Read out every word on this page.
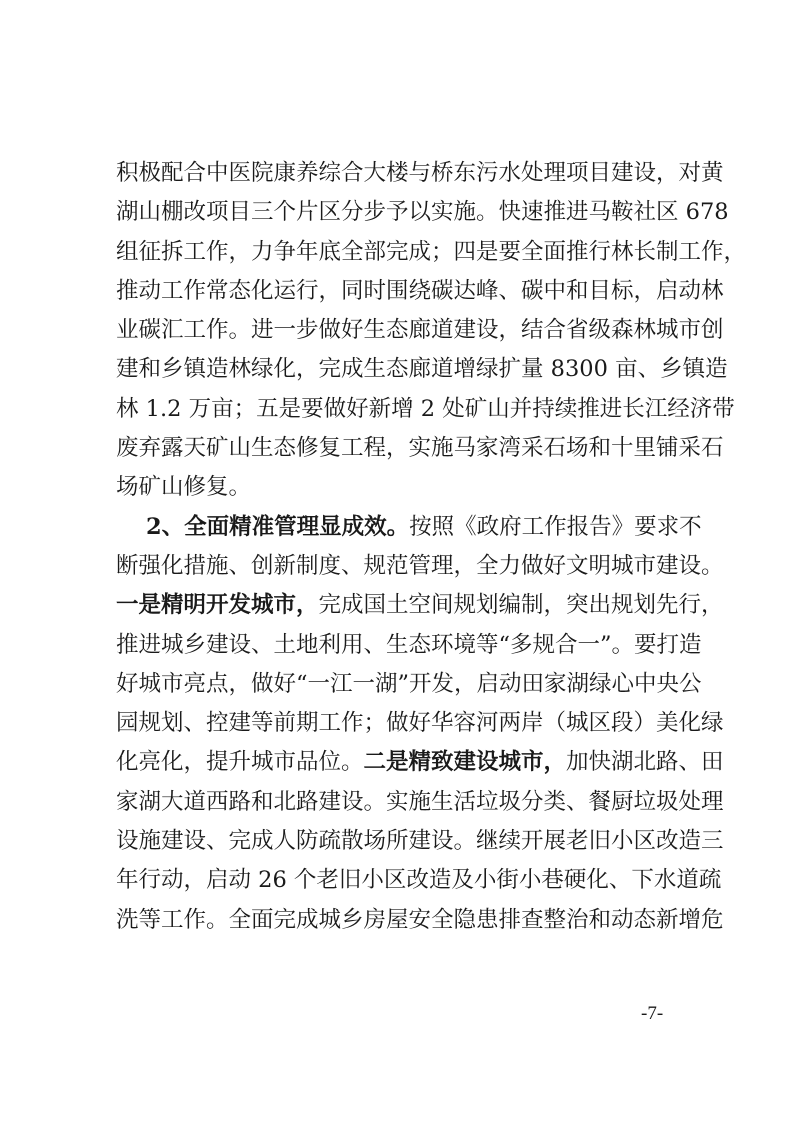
积极配合中医院康养综合大楼与桥东污水处理项目建设，对黄
湖山棚改项目三个片区分步予以实施。快速推进马鞍社区 678
组征拆工作，力争年底全部完成；四是要全面推行林长制工作，
推动工作常态化运行，同时围绕碳达峰、碳中和目标，启动林
业碳汇工作。进一步做好生态廊道建设，结合省级森林城市创
建和乡镇造林绿化，完成生态廊道增绿扩量 8300 亩、乡镇造
林 1.2 万亩；五是要做好新增 2 处矿山并持续推进长江经济带
废弃露天矿山生态修复工程，实施马家湾采石场和十里铺采石
场矿山修复。
2、全面精准管理显成效。按照《政府工作报告》要求不
断强化措施、创新制度、规范管理，全力做好文明城市建设。
一是精明开发城市，完成国土空间规划编制，突出规划先行，
推进城乡建设、土地利用、生态环境等“多规合一”。要打造
好城市亮点，做好“一江一湖”开发，启动田家湖绿心中央公
园规划、控建等前期工作；做好华容河两岸（城区段）美化绿
化亮化，提升城市品位。二是精致建设城市，加快湖北路、田
家湖大道西路和北路建设。实施生活垃圾分类、餐厨垃圾处理
设施建设、完成人防疏散场所建设。继续开展老旧小区改造三
年行动，启动 26 个老旧小区改造及小街小巷硬化、下水道疏
洗等工作。全面完成城乡房屋安全隐患排查整治和动态新增危
-7-
